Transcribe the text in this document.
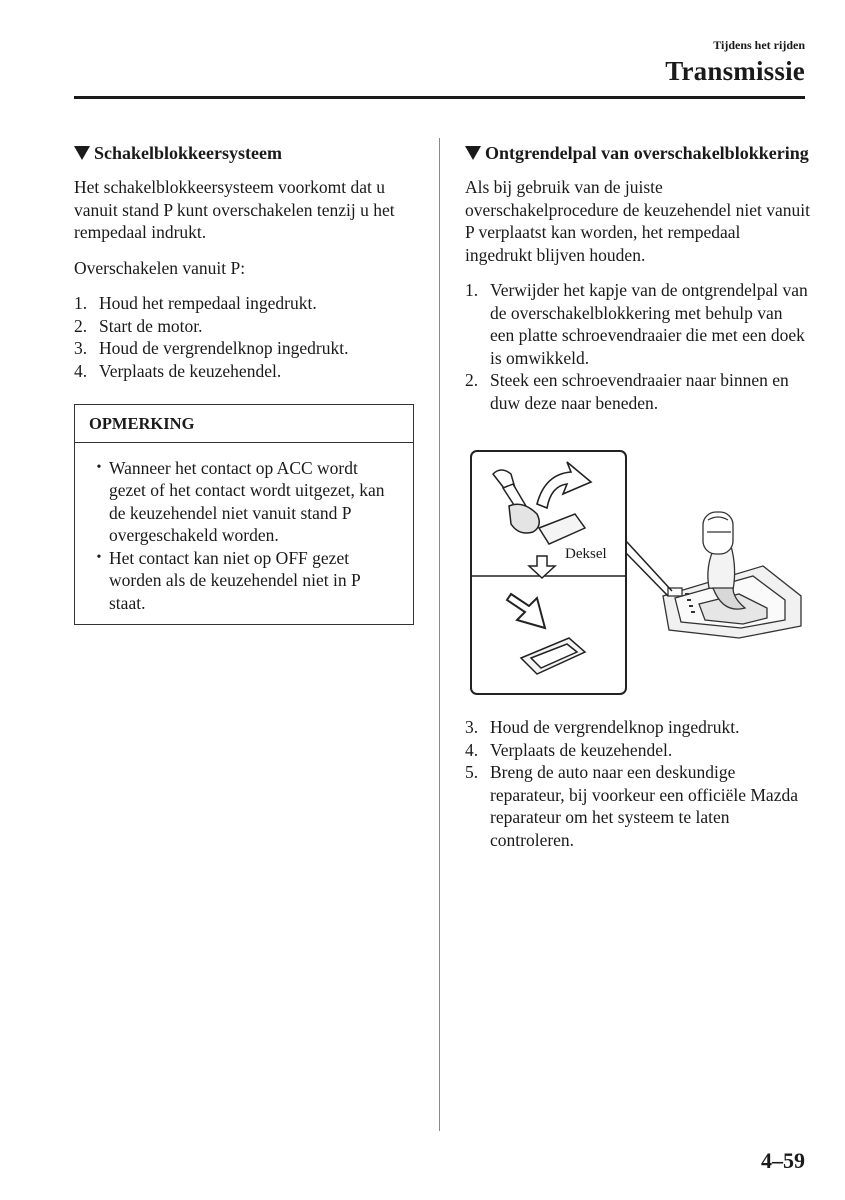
Tijdens het rijden
Transmissie
Schakelblokkeersysteem

Het schakelblokkeersysteem voorkomt dat u vanuit stand P kunt overschakelen tenzij u het rempedaal indrukt.

Overschakelen vanuit P:

1. Houd het rempedaal ingedrukt.
2. Start de motor.
3. Houd de vergrendelknop ingedrukt.
4. Verplaats de keuzehendel.
OPMERKING
• Wanneer het contact op ACC wordt gezet of het contact wordt uitgezet, kan de keuzehendel niet vanuit stand P overgeschakeld worden.
• Het contact kan niet op OFF gezet worden als de keuzehendel niet in P staat.
Ontgrendelpal van overschakelblokkering

Als bij gebruik van de juiste overschakelprocedure de keuzehendel niet vanuit P verplaatst kan worden, het rempedaal ingedrukt blijven houden.

1. Verwijder het kapje van de ontgrendelpal van de overschakelblokkering met behulp van een platte schroevendraaier die met een doek is omwikkeld.
2. Steek een schroevendraaier naar binnen en duw deze naar beneden.
Deksel
3. Houd de vergrendelknop ingedrukt.
4. Verplaats de keuzehendel.
5. Breng de auto naar een deskundige reparateur, bij voorkeur een officiële Mazda reparateur om het systeem te laten controleren.
4–59
